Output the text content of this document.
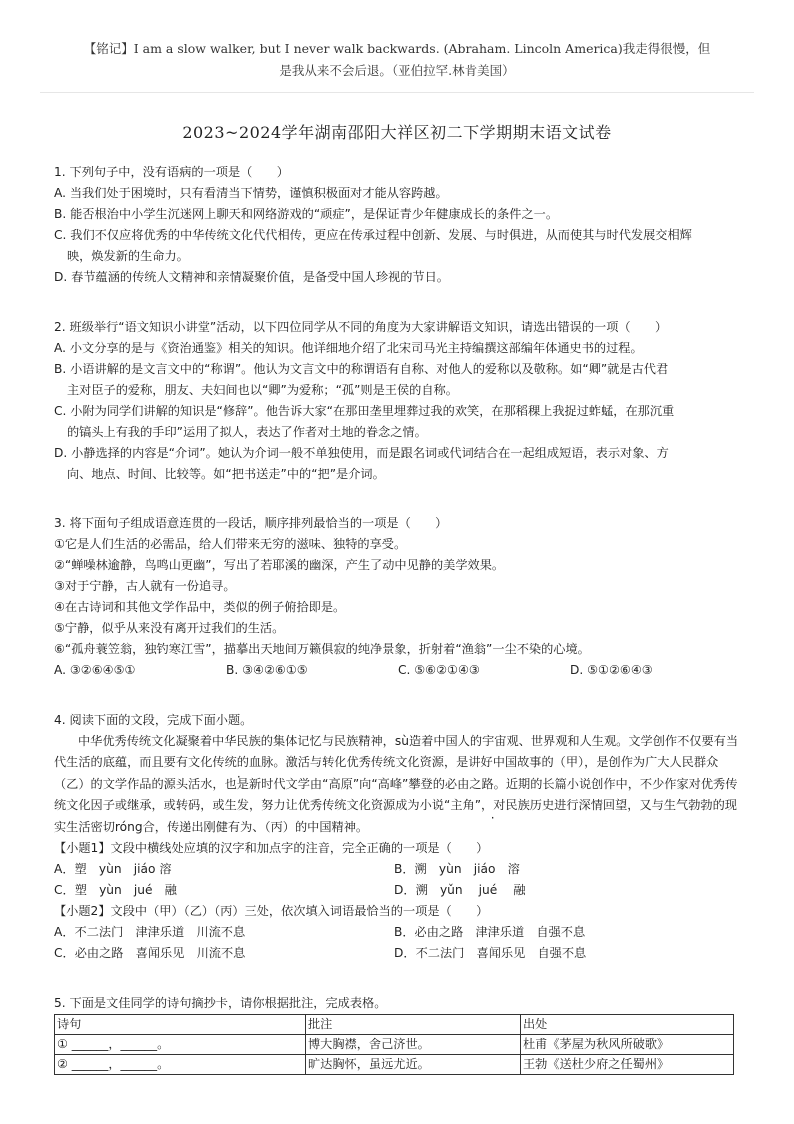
【铭记】I am a slow walker, but I never walk backwards. (Abraham. Lincoln America)我走得很慢，但
是我从来不会后退。（亚伯拉罕.林肯美国）
2023~2024学年湖南邵阳大祥区初二下学期期末语文试卷
1. 下列句子中，没有语病的一项是（　　）
A. 当我们处于困境时，只有看清当下情势，谨慎积极面对才能从容跨越。
B. 能否根治中小学生沉迷网上聊天和网络游戏的“顽症”，是保证青少年健康成长的条件之一。
C. 我们不仅应将优秀的中华传统文化代代相传，更应在传承过程中创新、发展、与时俱进，从而使其与时代发展交相辉
映，焕发新的生命力。
D. 春节蕴涵的传统人文精神和亲情凝聚价值，是备受中国人珍视的节日。
2. 班级举行“语文知识小讲堂”活动，以下四位同学从不同的角度为大家讲解语文知识，请选出错误的一项（　　）
A. 小文分享的是与《资治通鉴》相关的知识。他详细地介绍了北宋司马光主持编撰这部编年体通史书的过程。
B. 小语讲解的是文言文中的“称谓”。他认为文言文中的称谓语有自称、对他人的爱称以及敬称。如“卿”就是古代君
主对臣子的爱称，朋友、夫妇间也以“卿”为爱称；“孤”则是王侯的自称。
C. 小附为同学们讲解的知识是“修辞”。他告诉大家“在那田垄里埋葬过我的欢笑，在那稻稞上我捉过蚱蜢，在那沉重
的镐头上有我的手印”运用了拟人，表达了作者对土地的眷念之情。
D. 小静选择的内容是“介词”。她认为介词一般不单独使用，而是跟名词或代词结合在一起组成短语，表示对象、方
向、地点、时间、比较等。如“把书送走”中的“把”是介词。
3. 将下面句子组成语意连贯的一段话，顺序排列最恰当的一项是（　　）
①它是人们生活的必需品，给人们带来无穷的滋味、独特的享受。
②“蝉噪林逾静，鸟鸣山更幽”，写出了若耶溪的幽深，产生了动中见静的美学效果。
③对于宁静，古人就有一份追寻。
④在古诗词和其他文学作品中，类似的例子俯拾即是。
⑤宁静，似乎从来没有离开过我们的生活。
⑥“孤舟蓑笠翁，独钓寒江雪”，描摹出天地间万籁俱寂的纯净景象，折射着“渔翁”一尘不染的心境。
A. ③②⑥④⑤①	B. ③④②⑥①⑤	C. ⑤⑥②①④③	D. ⑤①②⑥④③
4. 阅读下面的文段，完成下面小题。
中华优秀传统文化凝聚着中华民族的集体记忆与民族精神，sù造着中国人的宇宙观、世界观和人生观。文学创作不仅要有当代生活的底蕴，而且要有文化传统的血脉。激活与转化优秀传统文化资源，是讲好中国故事的（甲），是创作为广大人民群众（乙）的文学作品的源头活水，也是新时代文学由“高原”向“高峰”攀登的必由之路。近期的长篇小说创作中，不少作家对优秀传统文化因子或继承，或转码，或生发，努力让优秀传统文化资源成为小说“主 ·角 ·”，对民族历史进行深情回望，又与生气勃勃的现实生活密切róng合，传递出刚健有为、（丙）的中国精神。
【小题1】文段中横线处应填的汉字和加点字的注音，完全正确的一项是（　　）
A．塑　yùn　jiáo 溶	B．溯　yùn　jiáo　溶
C．塑　yùn　jué　融	D．溯　yǔn　 jué　 融
【小题2】文段中（甲）（乙）（丙）三处，依次填入词语最恰当的一项是（　　）
A．不二法门　津津乐道　川流不息	B．必由之路　津津乐道　自强不息
C．必由之路　喜闻乐见　川流不息	D．不二法门　喜闻乐见　自强不息
5. 下面是文佳同学的诗句摘抄卡，请你根据批注，完成表格。
诗句	批注	出处
① ______，______。	博大胸襟，舍己济世。	杜甫《茅屋为秋风所破歌》
② ______，______。	旷达胸怀，虽远尤近。	王勃《送杜少府之任蜀州》
